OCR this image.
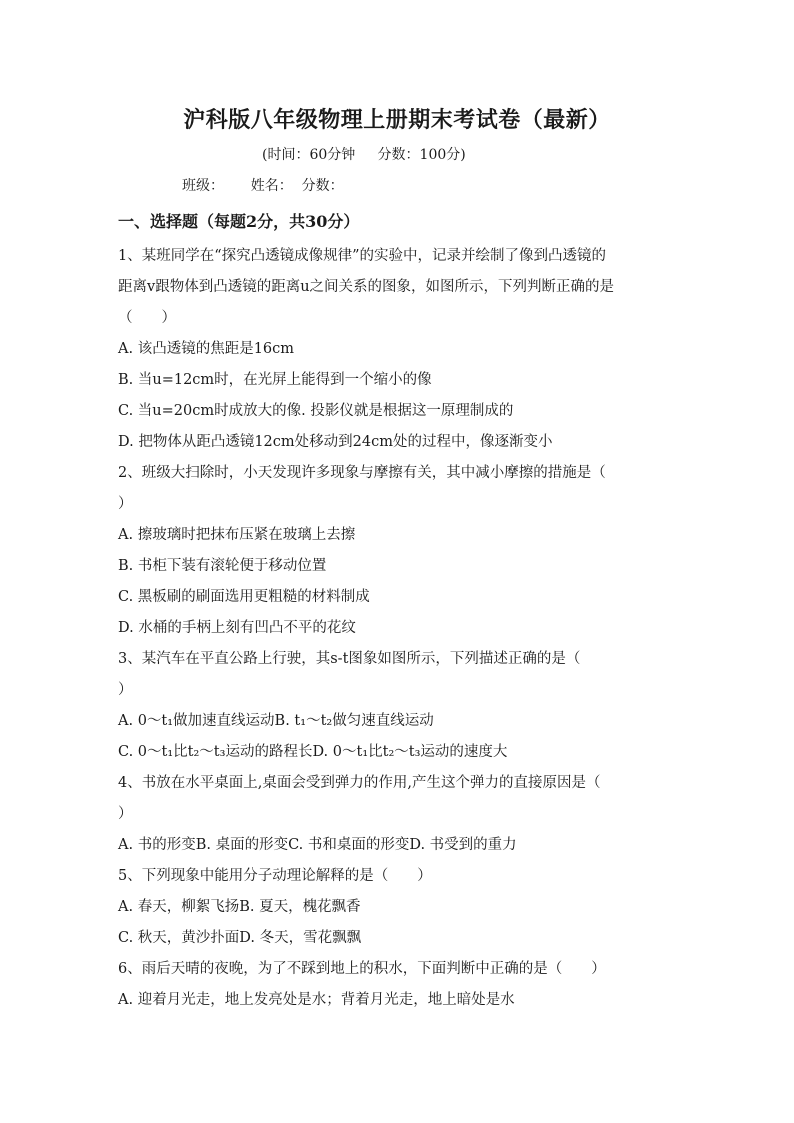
沪科版八年级物理上册期末考试卷（最新）
(时间：60分钟 分数：100分)
班级： 姓名： 分数：
一、选择题（每题2分，共30分）
1、某班同学在“探究凸透镜成像规律”的实验中，记录并绘制了像到凸透镜的
距离v跟物体到凸透镜的距离u之间关系的图象，如图所示，下列判断正确的是
（　　）
A. 该凸透镜的焦距是16cm
B. 当u=12cm时，在光屏上能得到一个缩小的像
C. 当u=20cm时成放大的像. 投影仪就是根据这一原理制成的
D. 把物体从距凸透镜12cm处移动到24cm处的过程中，像逐渐变小
2、班级大扫除时，小天发现许多现象与摩擦有关，其中减小摩擦的措施是（
）
A. 擦玻璃时把抹布压紧在玻璃上去擦
B. 书柜下装有滚轮便于移动位置
C. 黑板刷的刷面选用更粗糙的材料制成
D. 水桶的手柄上刻有凹凸不平的花纹
3、某汽车在平直公路上行驶，其s-t图象如图所示，下列描述正确的是（
）
A. 0～t₁做加速直线运动B. t₁～t₂做匀速直线运动
C. 0～t₁比t₂～t₃运动的路程长D. 0～t₁比t₂～t₃运动的速度大
4、书放在水平桌面上,桌面会受到弹力的作用,产生这个弹力的直接原因是（
）
A. 书的形变B. 桌面的形变C. 书和桌面的形变D. 书受到的重力
5、下列现象中能用分子动理论解释的是（　　）
A. 春天，柳絮飞扬B. 夏天，槐花飘香
C. 秋天，黄沙扑面D. 冬天，雪花飘飘
6、雨后天晴的夜晚，为了不踩到地上的积水，下面判断中正确的是（　　）
A. 迎着月光走，地上发亮处是水；背着月光走，地上暗处是水
